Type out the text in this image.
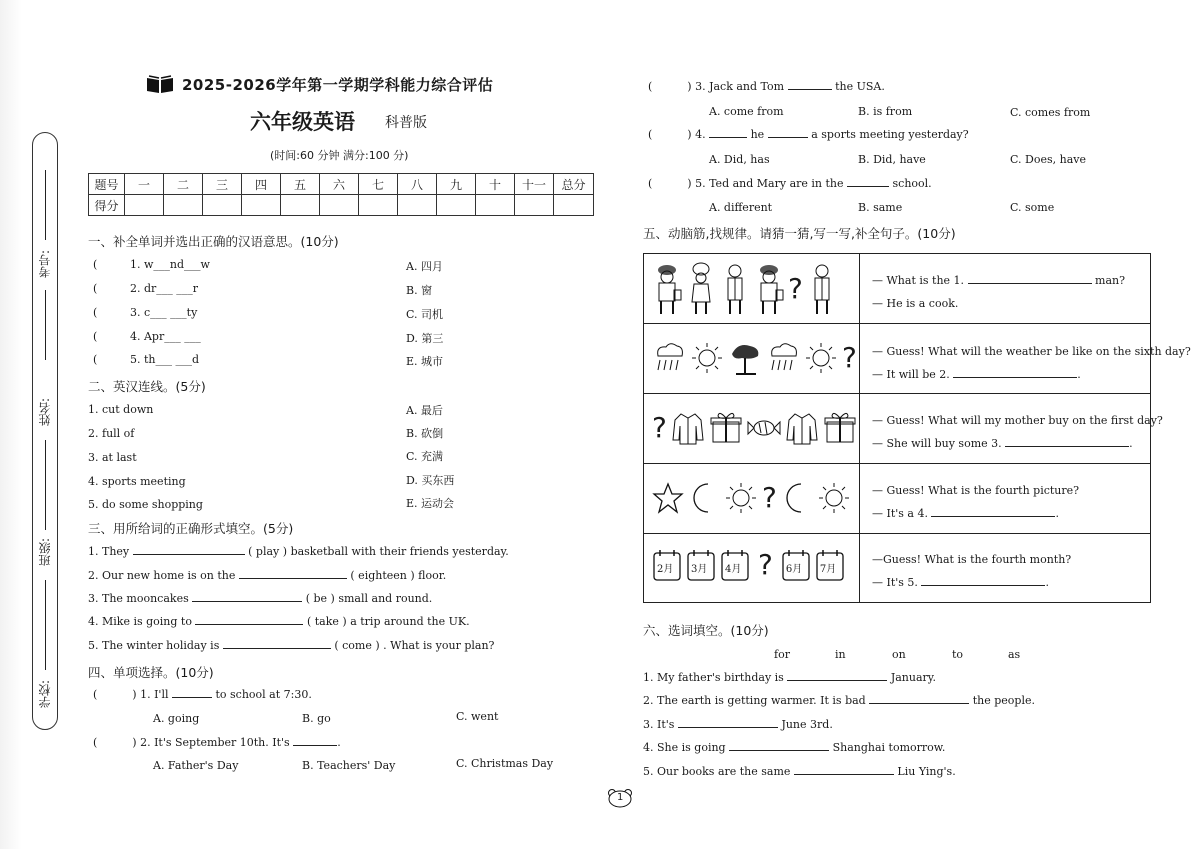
考号:
姓名:
班级:
学校:
2025-2026学年第一学期学科能力综合评估
六年级英语 科普版
(时间:60 分钟 满分:100 分)
题号	一	二	三	四	五	六	七	八	九	十	十一	总分
得分												
一、补全单词并选出正确的汉语意思。(10分)
(	1. w___nd___w	A. 四月
(	2. dr___ ___r	B. 窗
(	3. c___ ___ty	C. 司机
(	4. Apr___ ___	D. 第三
(	5. th___ ___d	E. 城市
二、英汉连线。(5分)
1. cut down	A. 最后
2. full of	B. 砍倒
3. at last	C. 充满
4. sports meeting	D. 买东西
5. do some shopping	E. 运动会
三、用所给词的正确形式填空。(5分)
1. They	( play ) basketball with their friends yesterday.
2. Our new home is on the	( eighteen ) floor.
3. The mooncakes	( be ) small and round.
4. Mike is going to	( take ) a trip around the UK.
5. The winter holiday is	( come ) . What is your plan?
四、单项选择。(10分)
(	) 1. I'll	to school at 7:30.
A. going	B. go	C. went
(	) 2. It's September 10th. It's	.
A. Father's Day	B. Teachers' Day	C. Christmas Day
(	) 3. Jack and Tom	the USA.
A. come from	B. is from	C. comes from
(	) 4.	he	a sports meeting yesterday?
A. Did, has	B. Did, have	C. Does, have
(	) 5. Ted and Mary are in the	school.
A. different	B. same	C. some
五、动脑筋,找规律。请猜一猜,写一写,补全句子。(10分)
?	— What is the 1.	man?
— He is a cook.
? — Guess! What will the weather be like on the sixth day?
— It will be 2.	.
?	— Guess! What will my mother buy on the first day?
— She will buy some 3.	.
?	— Guess! What is the fourth picture?
— It's a 4.	.
2月 3月 4月 ? 6月 7月
—Guess! What is the fourth month?
— It's 5.	.
六、选词填空。(10分)
for	in	on	to	as
1. My father's birthday is	January.
2. The earth is getting warmer. It is bad	the people.
3. It's	June 3rd.
4. She is going	Shanghai tomorrow.
5. Our books are the same	Liu Ying's.
1
